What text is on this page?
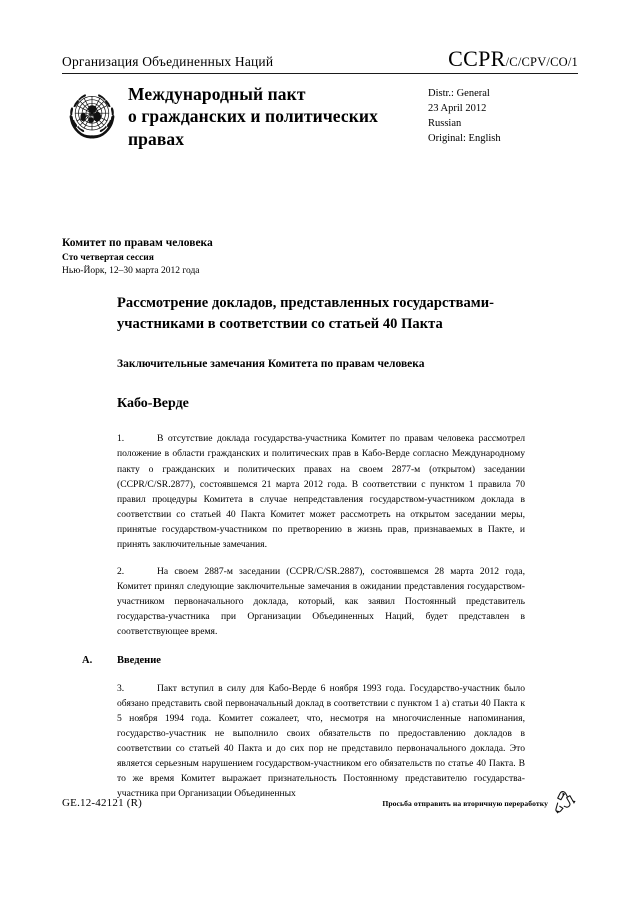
Организация Объединенных Наций	CCPR/C/CPV/CO/1
Международный пакт
о гражданских и политических
правах
Distr.: General
23 April 2012
Russian
Original: English
Комитет по правам человека
Сто четвертая сессия
Нью-Йорк, 12–30 марта 2012 года
Рассмотрение докладов, представленных государствами-участниками в соответствии со статьей 40 Пакта
Заключительные замечания Комитета по правам человека
Кабо-Верде

1.	В отсутствие доклада государства-участника Комитет по правам человека рассмотрел положение в области гражданских и политических прав в Кабо-Верде согласно Международному пакту о гражданских и политических правах на своем 2877-м (открытом) заседании (CCPR/C/SR.2877), состоявшемся 21 марта 2012 года. В соответствии с пунктом 1 правила 70 правил процедуры Комитета в случае непредставления государством-участником доклада в соответствии со статьей 40 Пакта Комитет может рассмотреть на открытом заседании меры, принятые государством-участником по претворению в жизнь прав, признаваемых в Пакте, и принять заключительные замечания.

2.	На своем 2887-м заседании (CCPR/C/SR.2887), состоявшемся 28 марта 2012 года, Комитет принял следующие заключительные замечания в ожидании представления государством-участником первоначального доклада, который, как заявил Постоянный представитель государства-участника при Организации Объединенных Наций, будет представлен в соответствующее время.

A. Введение

3.	Пакт вступил в силу для Кабо-Верде 6 ноября 1993 года. Государство-участник было обязано представить свой первоначальный доклад в соответствии с пунктом 1 a) статьи 40 Пакта к 5 ноября 1994 года. Комитет сожалеет, что, несмотря на многочисленные напоминания, государство-участник не выполнило своих обязательств по предоставлению докладов в соответствии со статьей 40 Пакта и до сих пор не представило первоначального доклада. Это является серьезным нарушением государством-участником его обязательств по статье 40 Пакта. В то же время Комитет выражает признательность Постоянному представителю государства-участника при Организации Объединенных

GE.12-42121 (R)	Просьба отправить на вторичную переработку
